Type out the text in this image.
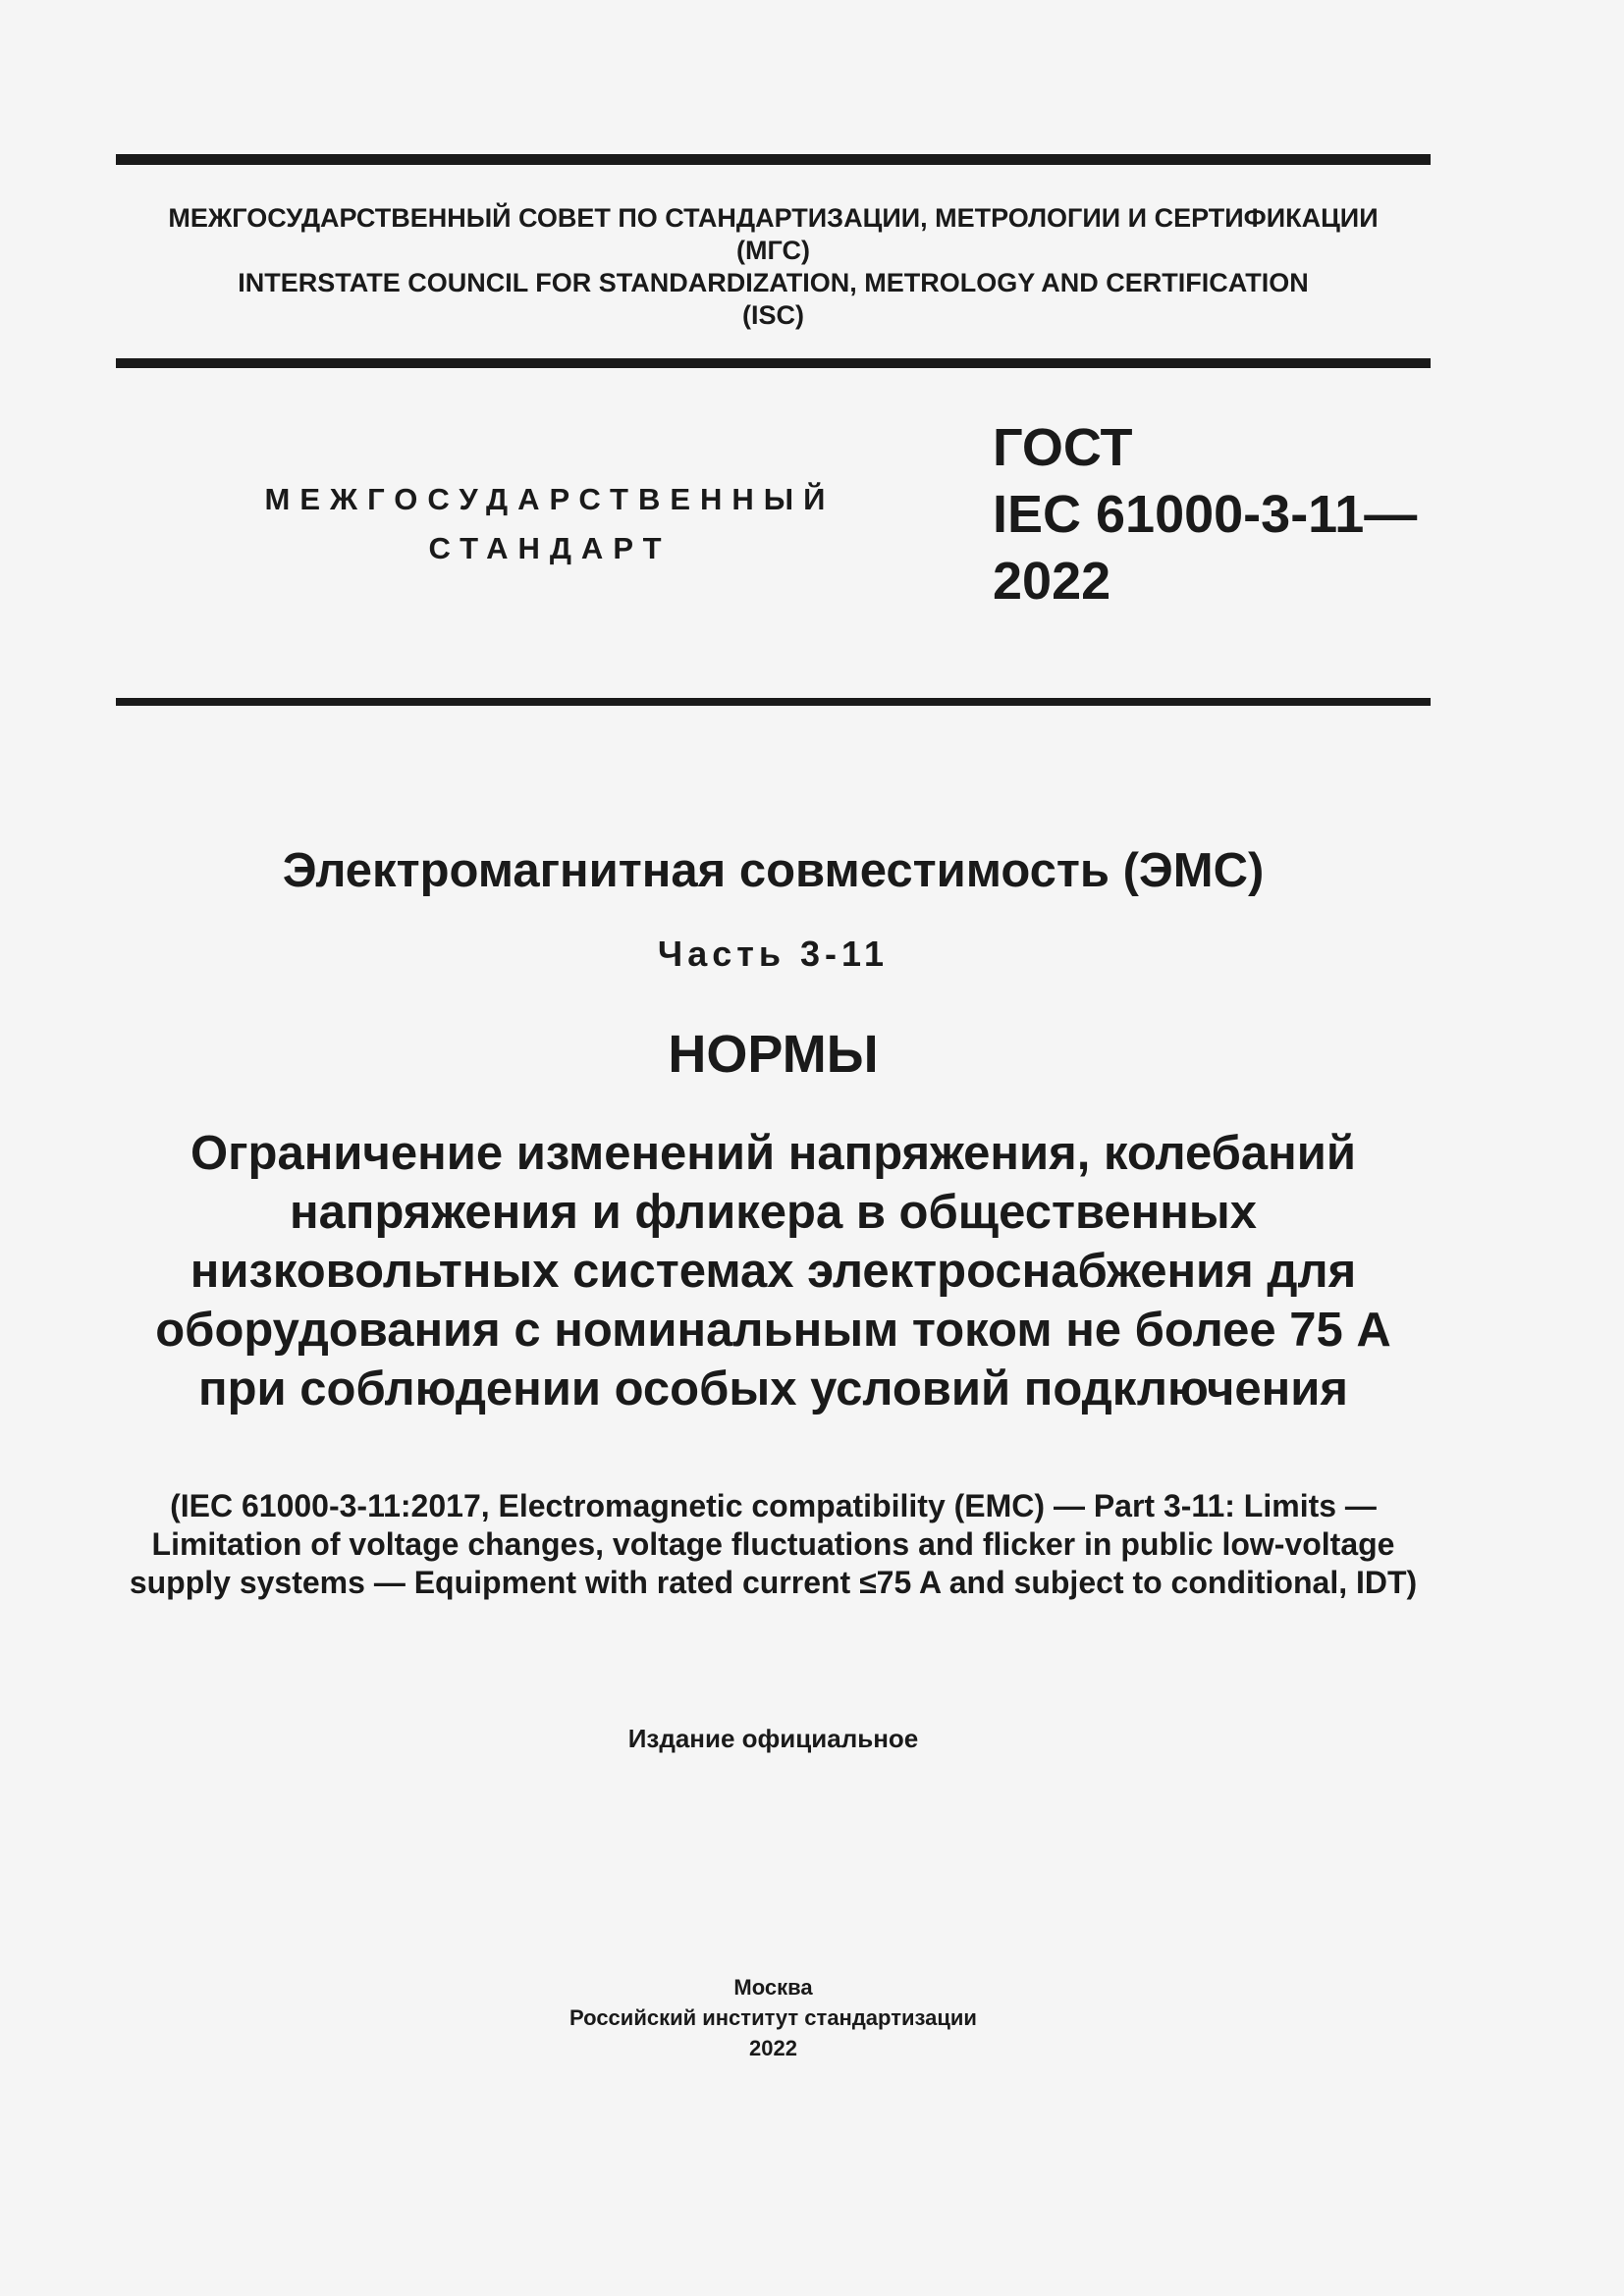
МЕЖГОСУДАРСТВЕННЫЙ СОВЕТ ПО СТАНДАРТИЗАЦИИ, МЕТРОЛОГИИ И СЕРТИФИКАЦИИ
(МГС)
INTERSTATE COUNCIL FOR STANDARDIZATION, METROLOGY AND CERTIFICATION
(ISC)
МЕЖГОСУДАРСТВЕННЫЙ
СТАНДАРТ
ГОСТ
IEC 61000-3-11—
2022
Электромагнитная совместимость (ЭМС)
Часть 3-11
НОРМЫ
Ограничение изменений напряжения, колебаний
напряжения и фликера в общественных
низковольтных системах электроснабжения для
оборудования с номинальным током не более 75 А
при соблюдении особых условий подключения
(IEC 61000-3-11:2017, Electromagnetic compatibility (EMC) — Part 3-11: Limits —
Limitation of voltage changes, voltage fluctuations and flicker in public low-voltage
supply systems — Equipment with rated current ≤75 A and subject to conditional, IDT)
Издание официальное
Москва
Российский институт стандартизации
2022
